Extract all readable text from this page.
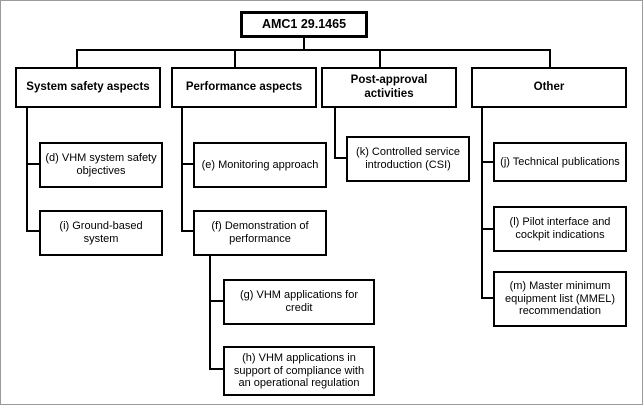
AMC1 29.1465
System safety aspects	Performance aspects
Post-approval activities
Other
(d) VHM system safety objectives
(i) Ground-based system
(e) Monitoring approach
(f) Demonstration of performance
(g) VHM applications for credit
(h) VHM applications in support of compliance with an operational regulation
(k) Controlled service introduction (CSI)	(j) Technical publications
(l) Pilot interface and cockpit indications
(m) Master minimum equipment list (MMEL) recommendation
